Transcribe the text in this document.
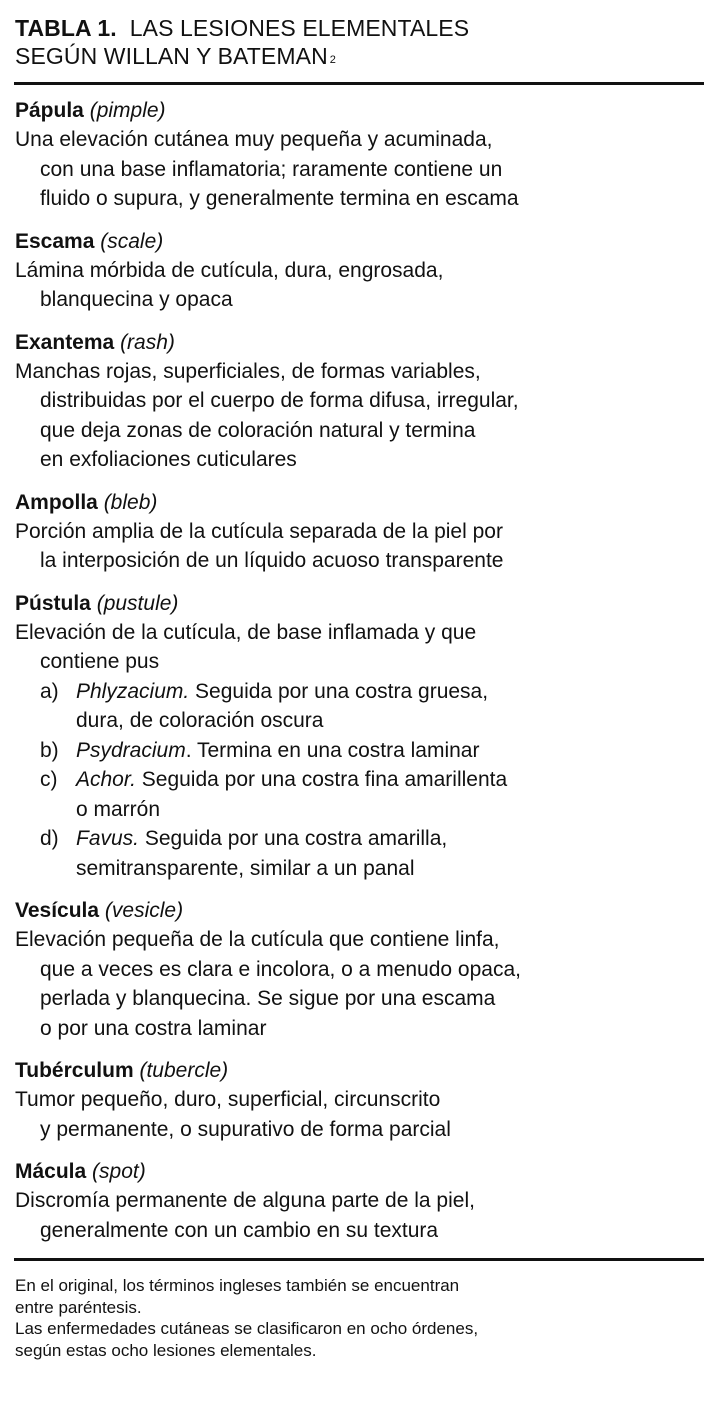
TABLA 1. LAS LESIONES ELEMENTALES
SEGÚN WILLAN Y BATEMAN $^2$
Pápula (pimple)
Una elevación cutánea muy pequeña y acuminada,
con una base inflamatoria; raramente contiene un
fluido o supura, y generalmente termina en escama
Escama (scale)
Lámina mórbida de cutícula, dura, engrosada,
blanquecina y opaca
Exantema (rash)
Manchas rojas, superficiales, de formas variables,
distribuidas por el cuerpo de forma difusa, irregular,
que deja zonas de coloración natural y termina
en exfoliaciones cuticulares
Ampolla (bleb)
Porción amplia de la cutícula separada de la piel por
la interposición de un líquido acuoso transparente
Pústula (pustule)
Elevación de la cutícula, de base inflamada y que
contiene pus
a) Phlyzacium. Seguida por una costra gruesa,
dura, de coloración oscura
b) Psydracium. Termina en una costra laminar
c) Achor. Seguida por una costra fina amarillenta
o marrón
d) Favus. Seguida por una costra amarilla,
semitransparente, similar a un panal
Vesícula (vesicle)
Elevación pequeña de la cutícula que contiene linfa,
que a veces es clara e incolora, o a menudo opaca,
perlada y blanquecina. Se sigue por una escama
o por una costra laminar
Tubérculum (tubercle)
Tumor pequeño, duro, superficial, circunscrito
y permanente, o supurativo de forma parcial
Mácula (spot)
Discromía permanente de alguna parte de la piel,
generalmente con un cambio en su textura
En el original, los términos ingleses también se encuentran
entre paréntesis.
Las enfermedades cutáneas se clasificaron en ocho órdenes,
según estas ocho lesiones elementales.
